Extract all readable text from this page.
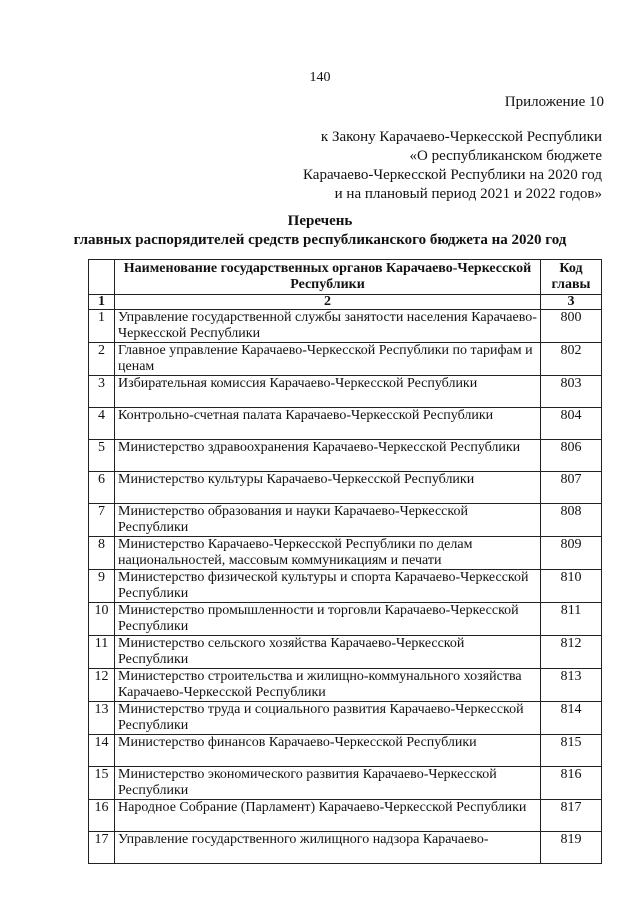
140
Приложение 10
к Закону Карачаево-Черкесской Республики
«О республиканском бюджете
Карачаево-Черкесской Республики на 2020 год
и на плановый период 2021 и 2022 годов»
Перечень
главных распорядителей средств республиканского бюджета на 2020 год
	Наименование государственных органов Карачаево-Черкесской Республики	Код главы
1	2	3
1	Управление государственной службы занятости населения Карачаево-Черкесской Республики	800
2	Главное управление Карачаево-Черкесской Республики по тарифам и ценам	802
3	Избирательная комиссия Карачаево-Черкесской Республики	803
4	Контрольно-счетная палата Карачаево-Черкесской Республики	804
5	Министерство здравоохранения Карачаево-Черкесской Республики	806
6	Министерство культуры Карачаево-Черкесской Республики	807
7	Министерство образования и науки Карачаево-Черкесской Республики	808
8	Министерство Карачаево-Черкесской Республики по делам национальностей, массовым коммуникациям и печати	809
9	Министерство физической культуры и спорта Карачаево-Черкесской Республики	810
10	Министерство промышленности и торговли Карачаево-Черкесской Республики	811
11	Министерство сельского хозяйства Карачаево-Черкесской Республики	812
12	Министерство строительства и жилищно-коммунального хозяйства Карачаево-Черкесской Республики	813
13	Министерство труда и социального развития Карачаево-Черкесской Республики	814
14	Министерство финансов Карачаево-Черкесской Республики	815
15	Министерство экономического развития Карачаево-Черкесской Республики	816
16	Народное Собрание (Парламент) Карачаево-Черкесской Республики	817
17	Управление государственного жилищного надзора Карачаево-	819
